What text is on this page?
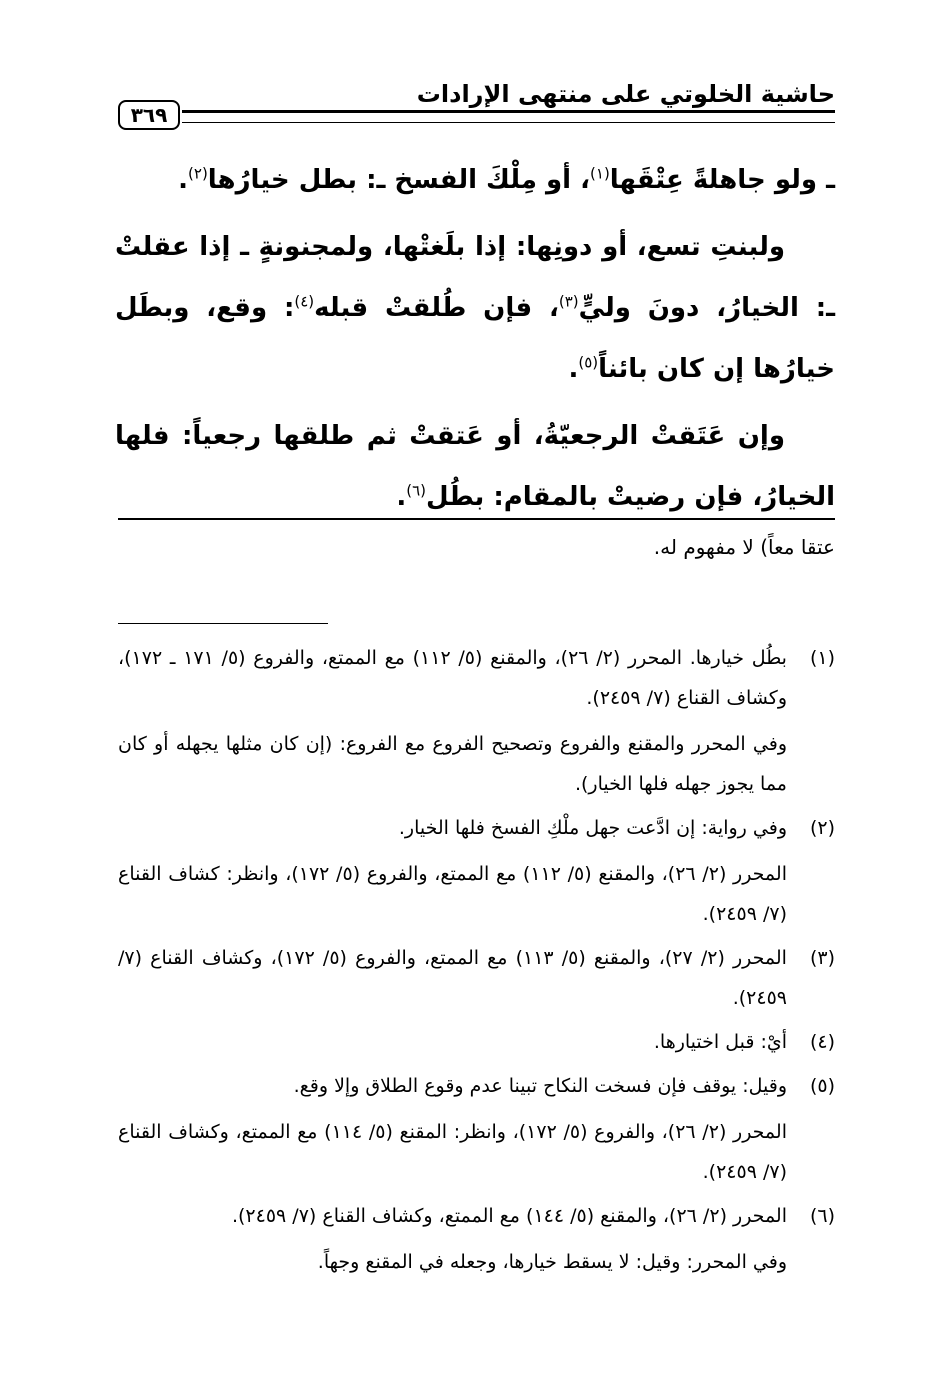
حاشية الخلوتي على منتهى الإرادات
٣٦٩

ـ ولو جاهلةً عِتْقَها$^{(١)}$، أو مِلْكَ الفسخ ـ: بطل خيارُها$^{(٢)}$.

ولبنتِ تسع، أو دونِها: إذا بلَغتْها، ولمجنونةٍ ـ إذا عقلتْ ـ: الخيارُ، دونَ وليٍّ$^{(٣)}$، فإن طُلقتْ قبله$^{(٤)}$: وقع، وبطَل خيارُها إن كان بائناً$^{(٥)}$.

وإن عَتَقتْ الرجعيّةُ، أو عَتقتْ ثم طلقها رجعياً: فلها الخيارُ، فإن رضيتْ بالمقام: بطُل$^{(٦)}$.

عتقا معاً) لا مفهوم له.
(١)

بطُل خيارها. المحرر (٢/ ٢٦)، والمقنع (٥/ ١١٢) مع الممتع، والفروع (٥/ ١٧١ ـ ١٧٢)، وكشاف القناع (٧/ ٢٤٥٩).

وفي المحرر والمقنع والفروع وتصحيح الفروع مع الفروع: (إن كان مثلها يجهله أو كان مما يجوز جهله فلها الخيار).

(٢)

وفي رواية: إن ادَّعت جهل ملْكِ الفسخ فلها الخيار.

المحرر (٢/ ٢٦)، والمقنع (٥/ ١١٢) مع الممتع، والفروع (٥/ ١٧٢)، وانظر: كشاف القناع (٧/ ٢٤٥٩).

(٣)

المحرر (٢/ ٢٧)، والمقنع (٥/ ١١٣) مع الممتع، والفروع (٥/ ١٧٢)، وكشاف القناع (٧/ ٢٤٥٩).

(٤)

أيْ: قبل اختيارها.

(٥)

وقيل: يوقف فإن فسخت النكاح تبينا عدم وقوع الطلاق وإلا وقع.

المحرر (٢/ ٢٦)، والفروع (٥/ ١٧٢)، وانظر: المقنع (٥/ ١١٤) مع الممتع، وكشاف القناع (٧/ ٢٤٥٩).

(٦)

المحرر (٢/ ٢٦)، والمقنع (٥/ ١٤٤) مع الممتع، وكشاف القناع (٧/ ٢٤٥٩).

وفي المحرر: وقيل: لا يسقط خيارها، وجعله في المقنع وجهاً.
